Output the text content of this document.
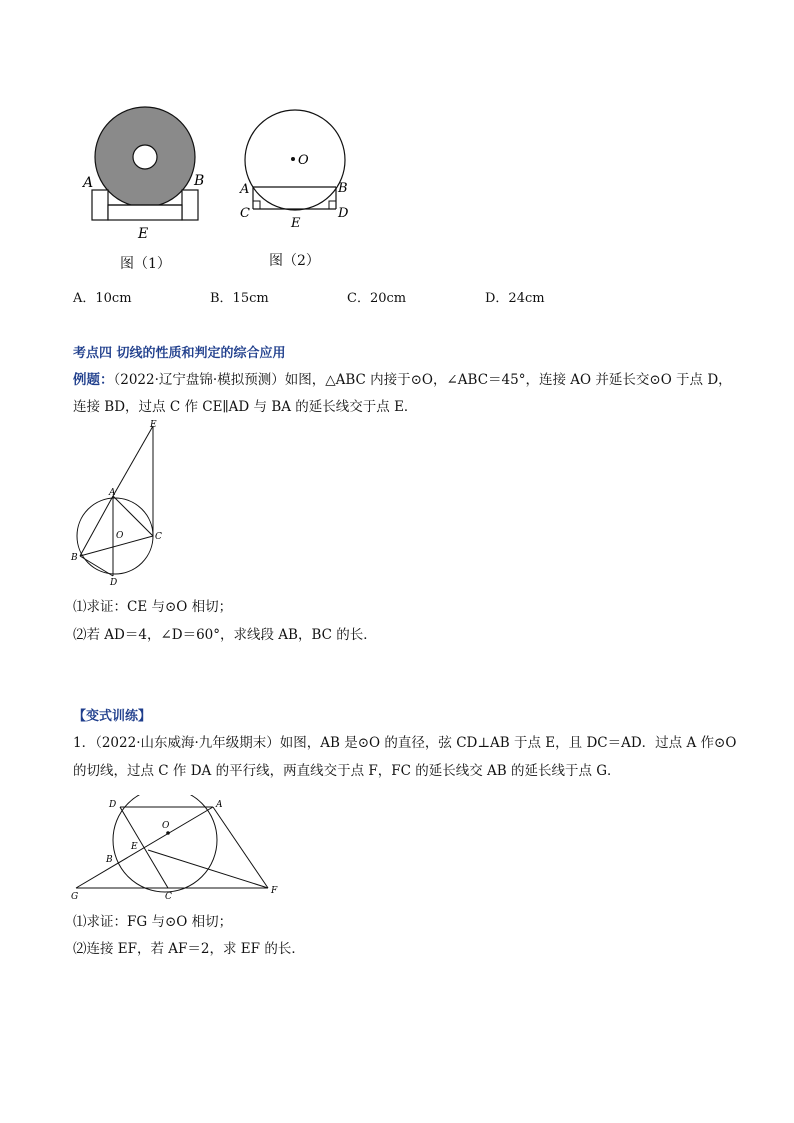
A	B
E
图（1）
O
A	B
C	D
E
图（2）
A．10cm	B．15cm	C．20cm	D．24cm
考点四 切线的性质和判定的综合应用
例题：（2022·辽宁盘锦·模拟预测）如图，△ABC 内接于⊙O，∠ABC＝45°，连接 AO 并延长交⊙O 于点 D，
连接 BD，过点 C 作 CE∥AD 与 BA 的延长线交于点 E．
E
A
O	C
B
D
⑴求证：CE 与⊙O 相切；
⑵若 AD＝4，∠D＝60°，求线段 AB，BC 的长．
【变式训练】
1．（2022·山东威海·九年级期末）如图，AB 是⊙O 的直径，弦 CD⊥AB 于点 E，且 DC＝AD．过点 A 作⊙O
的切线，过点 C 作 DA 的平行线，两直线交于点 F，FC 的延长线交 AB 的延长线于点 G．
D	A
O
E
B
G	C
F
⑴求证：FG 与⊙O 相切；
⑵连接 EF，若 AF＝2，求 EF 的长．
